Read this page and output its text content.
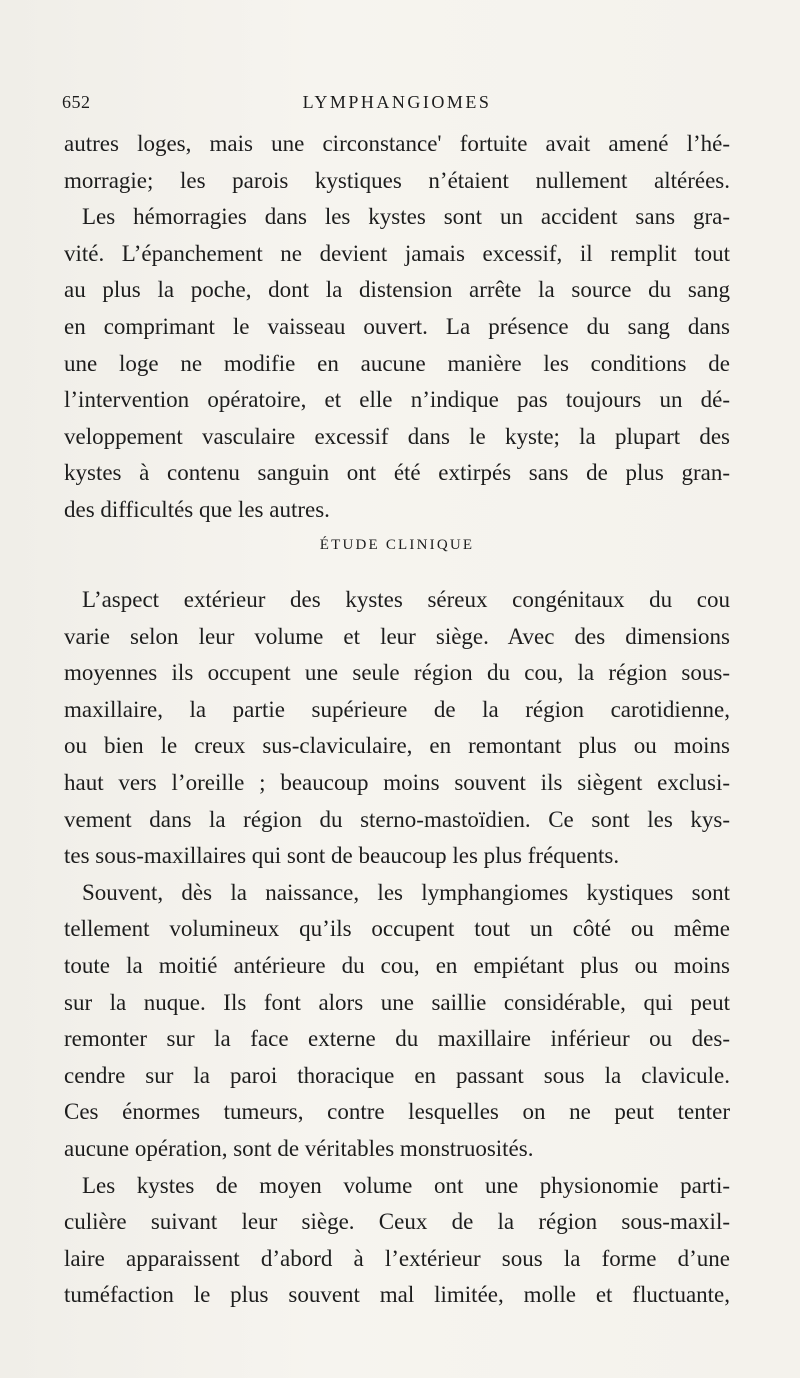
652	LYMPHANGIOMES
autres loges, mais une circonstance' fortuite avait amené l’hé-
morragie; les parois kystiques n’étaient nullement altérées.
Les hémorragies dans les kystes sont un accident sans gra-
vité. L’épanchement ne devient jamais excessif, il remplit tout
au plus la poche, dont la distension arrête la source du sang
en comprimant le vaisseau ouvert. La présence du sang dans
une loge ne modifie en aucune manière les conditions de
l’intervention opératoire, et elle n’indique pas toujours un dé-
veloppement vasculaire excessif dans le kyste; la plupart des
kystes à contenu sanguin ont été extirpés sans de plus gran-
des difficultés que les autres.
ÉTUDE CLINIQUE
L’aspect extérieur des kystes séreux congénitaux du cou
varie selon leur volume et leur siège. Avec des dimensions
moyennes ils occupent une seule région du cou, la région sous-
maxillaire, la partie supérieure de la région carotidienne,
ou bien le creux sus-claviculaire, en remontant plus ou moins
haut vers l’oreille ; beaucoup moins souvent ils siègent exclusi-
vement dans la région du sterno-mastoïdien. Ce sont les kys-
tes sous-maxillaires qui sont de beaucoup les plus fréquents.
Souvent, dès la naissance, les lymphangiomes kystiques sont
tellement volumineux qu’ils occupent tout un côté ou même
toute la moitié antérieure du cou, en empiétant plus ou moins
sur la nuque. Ils font alors une saillie considérable, qui peut
remonter sur la face externe du maxillaire inférieur ou des-
cendre sur la paroi thoracique en passant sous la clavicule.
Ces énormes tumeurs, contre lesquelles on ne peut tenter
aucune opération, sont de véritables monstruosités.
Les kystes de moyen volume ont une physionomie parti-
culière suivant leur siège. Ceux de la région sous-maxil-
laire apparaissent d’abord à l’extérieur sous la forme d’une
tuméfaction le plus souvent mal limitée, molle et fluctuante,
